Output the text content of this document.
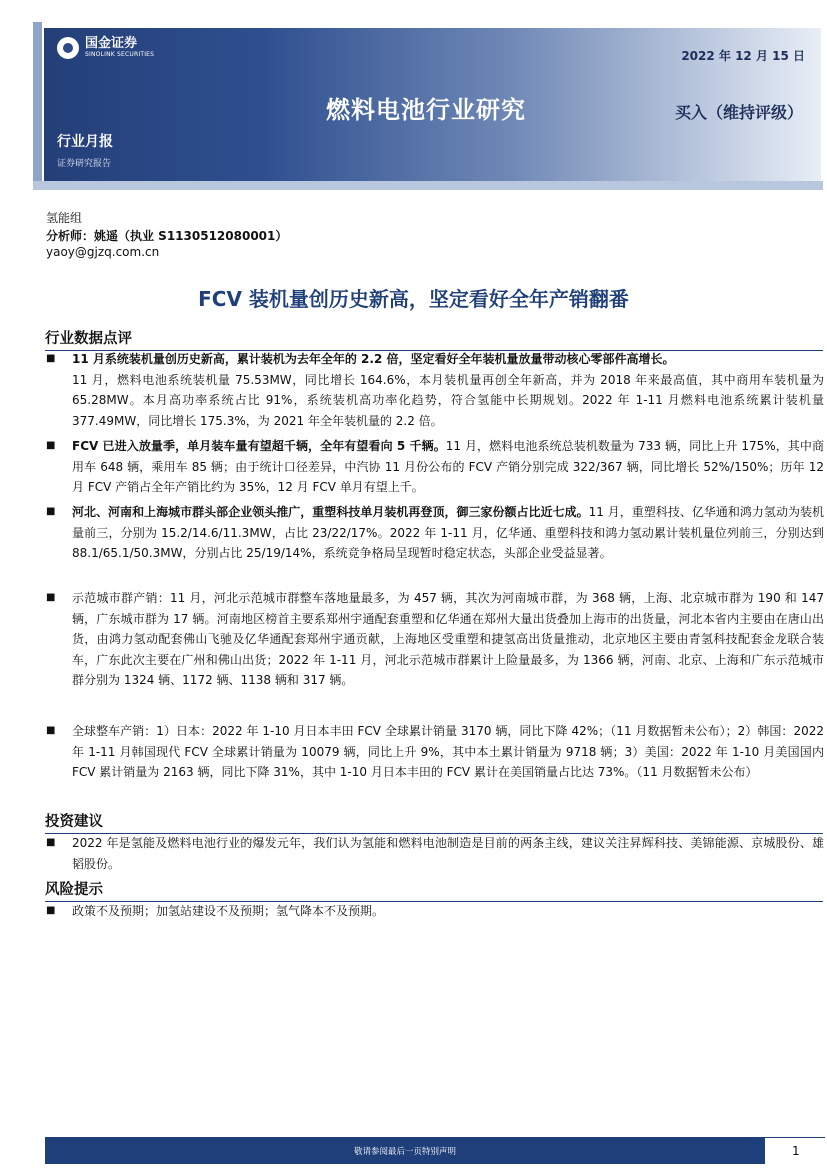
国金证券
SINOLINK SECURITIES	2022 年 12 月 15 日
燃料电池行业研究	买入（维持评级）
行业月报
证券研究报告
氢能组
分析师：姚遥（执业 S1130512080001）
yaoy@gjzq.com.cn
FCV 装机量创历史新高，坚定看好全年产销翻番
行业数据点评
■ 11 月系统装机量创历史新高，累计装机为去年全年的 2.2 倍，坚定看好全年装机量放量带动核心零部件高增长。
11 月，燃料电池系统装机量 75.53MW，同比增长 164.6%，本月装机量再创全年新高，并为 2018 年来最高值，其中商用车装机量为 65.28MW。本月高功率系统占比 91%，系统装机高功率化趋势，符合氢能中长期规划。2022 年 1-11 月燃料电池系统累计装机量 377.49MW，同比增长 175.3%，为 2021 年全年装机量的 2.2 倍。
■ FCV 已进入放量季，单月装车量有望超千辆，全年有望看向 5 千辆。11 月，燃料电池系统总装机数量为 733 辆，同比上升 175%，其中商用车 648 辆，乘用车 85 辆；由于统计口径差异，中汽协 11 月份公布的 FCV 产销分别完成 322/367 辆，同比增长 52%/150%；历年 12 月 FCV 产销占全年产销比约为 35%，12 月 FCV 单月有望上千。
■ 河北、河南和上海城市群头部企业领头推广，重塑科技单月装机再登顶，御三家份额占比近七成。11 月，重塑科技、亿华通和鸿力氢动为装机量前三，分别为 15.2/14.6/11.3MW，占比 23/22/17%。2022 年 1-11 月，亿华通、重塑科技和鸿力氢动累计装机量位列前三，分别达到 88.1/65.1/50.3MW，分别占比 25/19/14%，系统竞争格局呈现暂时稳定状态，头部企业受益显著。
■ 示范城市群产销：11 月，河北示范城市群整车落地量最多，为 457 辆，其次为河南城市群，为 368 辆，上海、北京城市群为 190 和 147 辆，广东城市群为 17 辆。河南地区榜首主要系郑州宇通配套重塑和亿华通在郑州大量出货叠加上海市的出货量，河北本省内主要由在唐山出货，由鸿力氢动配套佛山飞驰及亿华通配套郑州宇通贡献，上海地区受重塑和捷氢高出货量推动，北京地区主要由青氢科技配套金龙联合装车，广东此次主要在广州和佛山出货；2022 年 1-11 月，河北示范城市群累计上险量最多，为 1366 辆，河南、北京、上海和广东示范城市群分别为 1324 辆、1172 辆、1138 辆和 317 辆。
■ 全球整车产销：1）日本：2022 年 1-10 月日本丰田 FCV 全球累计销量 3170 辆，同比下降 42%；（11 月数据暂未公布）；2）韩国：2022 年 1-11 月韩国现代 FCV 全球累计销量为 10079 辆，同比上升 9%，其中本土累计销量为 9718 辆；3）美国：2022 年 1-10 月美国国内 FCV 累计销量为 2163 辆，同比下降 31%，其中 1-10 月日本丰田的 FCV 累计在美国销量占比达 73%。（11 月数据暂未公布）
投资建议
■ 2022 年是氢能及燃料电池行业的爆发元年，我们认为氢能和燃料电池制造是目前的两条主线，建议关注昇辉科技、美锦能源、京城股份、雄韬股份。
风险提示
■ 政策不及预期；加氢站建设不及预期；氢气降本不及预期。
敬请参阅最后一页特别声明	1
